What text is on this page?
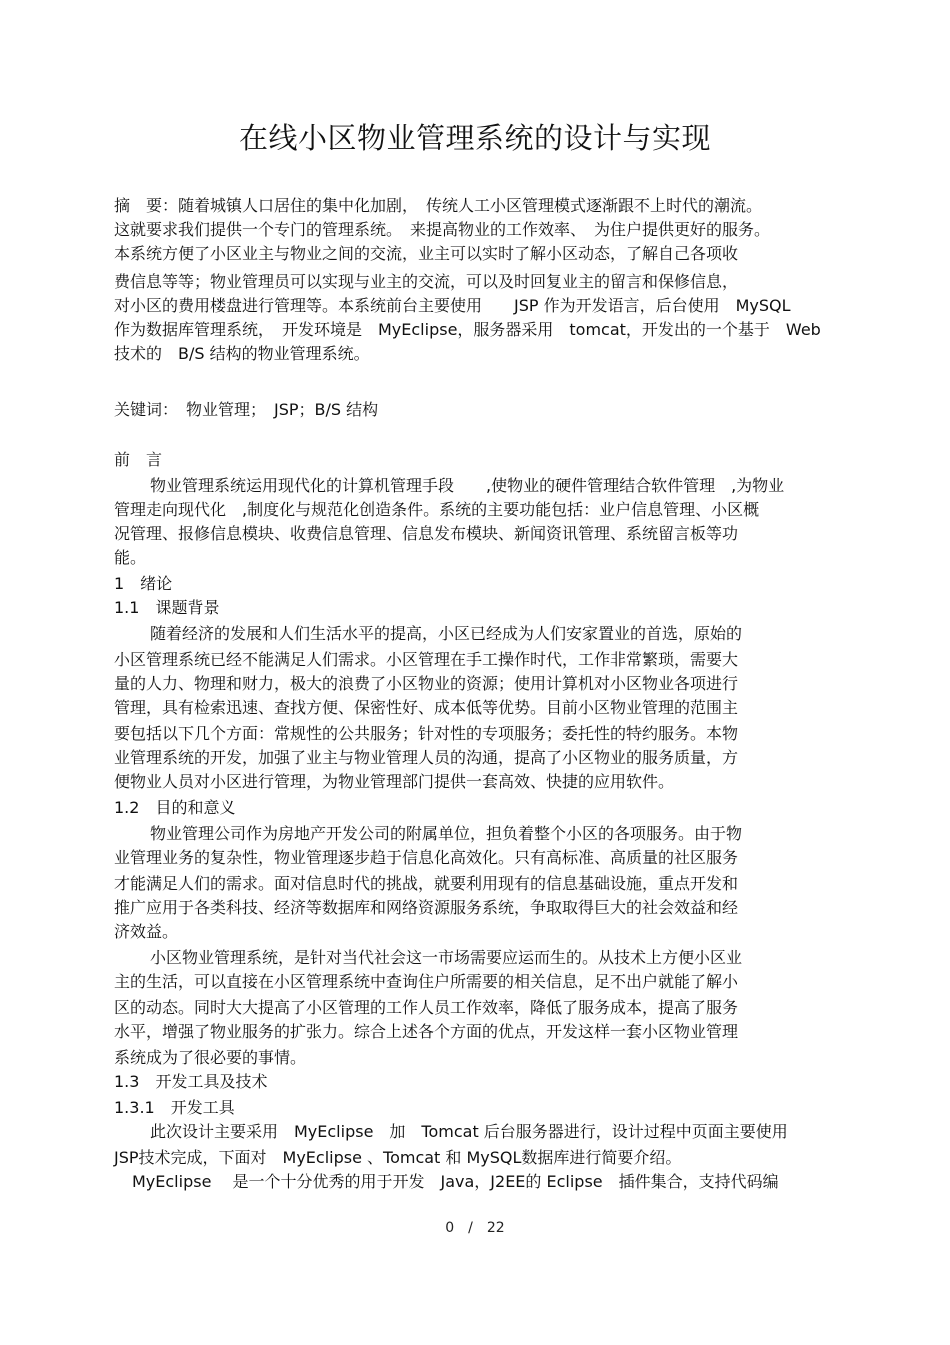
在线小区物业管理系统的设计与实现
摘　要：随着城镇人口居住的集中化加剧，　传统人工小区管理模式逐渐跟不上时代的潮流。
这就要求我们提供一个专门的管理系统。　来提高物业的工作效率、　为住户提供更好的服务。
本系统方便了小区业主与物业之间的交流，业主可以实时了解小区动态，了解自己各项收
费信息等等；物业管理员可以实现与业主的交流，可以及时回复业主的留言和保修信息，
对小区的费用楼盘进行管理等。本系统前台主要使用　　JSP 作为开发语言，后台使用　MySQL
作为数据库管理系统，　开发环境是　MyEclipse，服务器采用　tomcat，开发出的一个基于　Web
技术的　B/S 结构的物业管理系统。
关键词：　物业管理；　JSP；B/S 结构
前　言
物业管理系统运用现代化的计算机管理手段　　,使物业的硬件管理结合软件管理　,为物业
管理走向现代化　,制度化与规范化创造条件。系统的主要功能包括：业户信息管理、小区概
况管理、报修信息模块、收费信息管理、信息发布模块、新闻资讯管理、系统留言板等功
能。
1　绪论
1.1　课题背景
随着经济的发展和人们生活水平的提高，小区已经成为人们安家置业的首选，原始的
小区管理系统已经不能满足人们需求。小区管理在手工操作时代，工作非常繁琐，需要大
量的人力、物理和财力，极大的浪费了小区物业的资源；使用计算机对小区物业各项进行
管理，具有检索迅速、查找方便、保密性好、成本低等优势。目前小区物业管理的范围主
要包括以下几个方面：常规性的公共服务；针对性的专项服务；委托性的特约服务。本物
业管理系统的开发，加强了业主与物业管理人员的沟通，提高了小区物业的服务质量，方
便物业人员对小区进行管理，为物业管理部门提供一套高效、快捷的应用软件。
1.2　目的和意义
物业管理公司作为房地产开发公司的附属单位，担负着整个小区的各项服务。由于物
业管理业务的复杂性，物业管理逐步趋于信息化高效化。只有高标准、高质量的社区服务
才能满足人们的需求。面对信息时代的挑战，就要利用现有的信息基础设施，重点开发和
推广应用于各类科技、经济等数据库和网络资源服务系统，争取取得巨大的社会效益和经
济效益。
小区物业管理系统，是针对当代社会这一市场需要应运而生的。从技术上方便小区业
主的生活，可以直接在小区管理系统中查询住户所需要的相关信息，足不出户就能了解小
区的动态。同时大大提高了小区管理的工作人员工作效率，降低了服务成本，提高了服务
水平，增强了物业服务的扩张力。综合上述各个方面的优点，开发这样一套小区物业管理
系统成为了很必要的事情。
1.3　开发工具及技术
1.3.1　开发工具
此次设计主要采用　MyEclipse　加　Tomcat 后台服务器进行，设计过程中页面主要使用
JSP技术完成，下面对　MyEclipse 、Tomcat 和 MySQL数据库进行简要介绍。
MyEclipse　 是一个十分优秀的用于开发　Java，J2EE的 Eclipse　插件集合，支持代码编
0　/　22
